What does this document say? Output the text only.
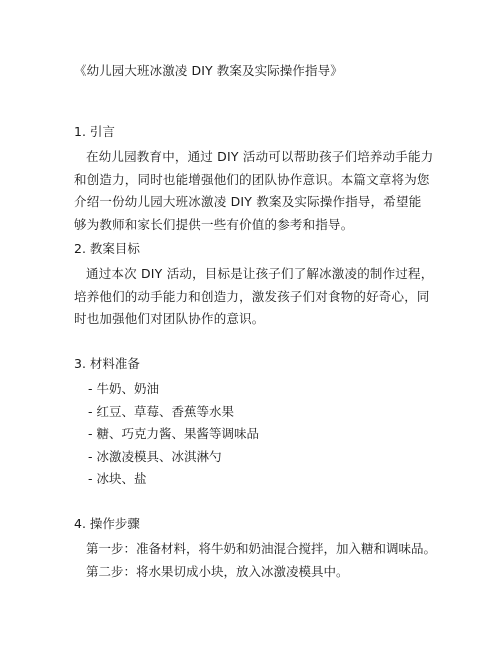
《幼儿园大班冰激凌 DIY 教案及实际操作指导》
1. 引言
在幼儿园教育中，通过 DIY 活动可以帮助孩子们培养动手能力和创造力，同时也能增强他们的团队协作意识。本篇文章将为您介绍一份幼儿园大班冰激凌 DIY 教案及实际操作指导，希望能够为教师和家长们提供一些有价值的参考和指导。
2. 教案目标
通过本次 DIY 活动，目标是让孩子们了解冰激凌的制作过程，培养他们的动手能力和创造力，激发孩子们对食物的好奇心，同时也加强他们对团队协作的意识。
3. 材料准备
- 牛奶、奶油
- 红豆、草莓、香蕉等水果
- 糖、巧克力酱、果酱等调味品
- 冰激凌模具、冰淇淋勺
- 冰块、盐
4. 操作步骤
第一步：准备材料，将牛奶和奶油混合搅拌，加入糖和调味品。
第二步：将水果切成小块，放入冰激凌模具中。
